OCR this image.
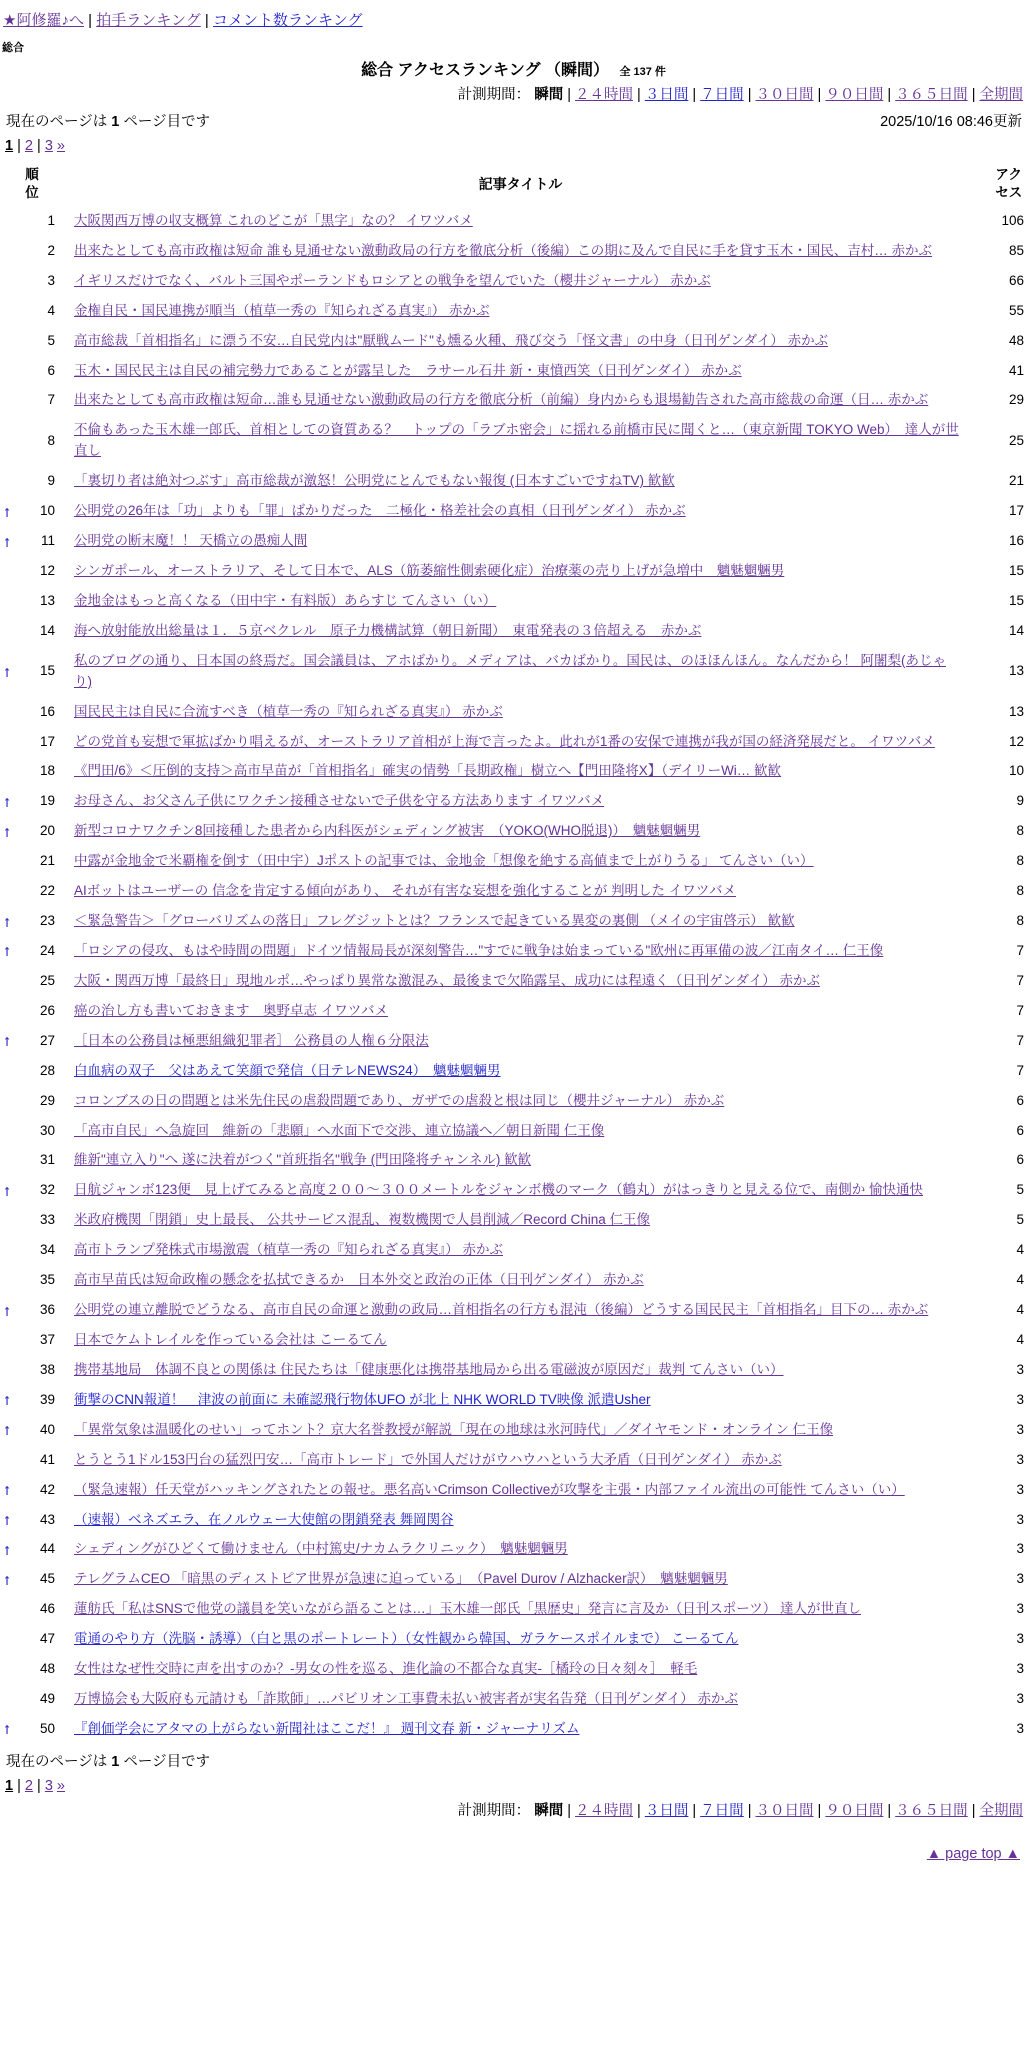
★阿修羅♪へ | 拍手ランキング | コメント数ランキング
総合
総合 アクセスランキング （瞬間） 全 137 件
計測期間： 瞬間 | ２４時間 | ３日間 | ７日間 | ３０日間 | ９０日間 | ３６５日間 | 全期間
現在のページは 1 ページ目です	2025/10/16 08:46更新
1 | 2 | 3 »
順位	記事タイトル	アクセス
1	大阪関西万博の収支概算 これのどこが「黒字」なの？ イワツバメ	106
2	出来たとしても高市政権は短命 誰も見通せない激動政局の行方を徹底分析（後編）この期に及んで自民に手を貸す玉木・国民、吉村… 赤かぶ	85
3	イギリスだけでなく、バルト三国やポーランドもロシアとの戦争を望んでいた（櫻井ジャーナル） 赤かぶ	66
4	金権自民・国民連携が順当（植草一秀の『知られざる真実』） 赤かぶ	55
5	高市総裁「首相指名」に漂う不安…自民党内は"厭戦ムード"も燻る火種、飛び交う「怪文書」の中身（日刊ゲンダイ） 赤かぶ	48
6	玉木・国民民主は自民の補完勢力であることが露呈した　ラサール石井 新・東憤西笑（日刊ゲンダイ） 赤かぶ	41
7	出来たとしても高市政権は短命…誰も見通せない激動政局の行方を徹底分析（前編）身内からも退場勧告された高市総裁の命運（日… 赤かぶ	29
8	不倫もあった玉木雄一郎氏、首相としての資質ある？　トップの「ラブホ密会」に揺れる前橋市民に聞くと…（東京新聞 TOKYO Web）　達人が世直し	25
9	「裏切り者は絶対つぶす」高市総裁が激怒！公明党にとんでもない報復 (日本すごいですねTV) 歓歓	21

↑ 10	公明党の26年は「功」よりも「罪」ばかりだった　二極化・格差社会の真相（日刊ゲンダイ） 赤かぶ	17

↑ 11	公明党の断末魔！！ 天橋立の愚痴人間	16
12	シンガポール、オーストラリア、そして日本で、ALS（筋萎縮性側索硬化症）治療薬の売り上げが急増中　魑魅魍魎男	15
13	金地金はもっと高くなる（田中宇・有料版）あらすじ てんさい（い）	15
14	海へ放射能放出総量は１．５京ベクレル　原子力機構試算（朝日新聞）　東電発表の３倍超える　赤かぶ	14

↑ 15	私のブログの通り、日本国の終焉だ。国会議員は、アホばかり。メディアは、バカばかり。国民は、のほほんほん。なんだから！ 阿闍梨(あじゃり)	13
16	国民民主は自民に合流すべき（植草一秀の『知られざる真実』） 赤かぶ	13
17	どの党首も妄想で軍拡ばかり唱えるが、オーストラリア首相が上海で言ったよ。此れが1番の安保で連携が我が国の経済発展だと。 イワツバメ	12
18	《門田/6》＜圧倒的支持＞高市早苗が「首相指名」確実の情勢「長期政権」樹立へ【門田隆将X】（デイリーWi… 歓歓	10

↑ 19	お母さん、お父さん子供にワクチン接種させないで子供を守る方法あります イワツバメ	9

↑ 20	新型コロナワクチン8回接種した患者から内科医がシェディング被害　（YOKO(WHO脱退)）　魑魅魍魎男	8
21	中露が金地金で米覇権を倒す（田中宇）Jポストの記事では、金地金「想像を絶する高値まで上がりうる」 てんさい（い）	8
22	AIボットはユーザーの 信念を肯定する傾向があり、 それが有害な妄想を強化することが 判明した イワツバメ	8

↑ 23	＜緊急警告＞「グローバリズムの落日」フレグジットとは？フランスで起きている異変の裏側 （メイの宇宙啓示） 歓歓	8

↑ 24	「ロシアの侵攻、もはや時間の問題」ドイツ情報局長が深刻警告…"すでに戦争は始まっている"欧州に再軍備の波／江南タイ… 仁王像	7
25	大阪・関西万博「最終日」現地ルポ…やっぱり異常な激混み、最後まで欠陥露呈、成功には程遠く（日刊ゲンダイ） 赤かぶ	7
26	癌の治し方も書いておきます　奥野卓志 イワツバメ	7

↑ 27	［日本の公務員は極悪組織犯罪者］ 公務員の人権６分限法	7
28	白血病の双子　父はあえて笑顔で発信（日テレNEWS24）　魑魅魍魎男	7
29	コロンブスの日の問題とは米先住民の虐殺問題であり、ガザでの虐殺と根は同じ（櫻井ジャーナル） 赤かぶ	6
30	「高市自民」へ急旋回　維新の「悲願」へ水面下で交渉、連立協議へ／朝日新聞 仁王像	6
31	維新"連立入り"へ 遂に決着がつく"首班指名"戦争 (門田隆将チャンネル) 歓歓	6

↑ 32	日航ジャンボ123便　見上げてみると高度２００～３００メートルをジャンボ機のマーク（鶴丸）がはっきりと見える位で、南側か 愉快通快	5
33	米政府機関「閉鎖」史上最長、 公共サービス混乱、複数機関で人員削減／Record China 仁王像	5
34	高市トランプ発株式市場激震（植草一秀の『知られざる真実』） 赤かぶ	4
35	高市早苗氏は短命政権の懸念を払拭できるか　日本外交と政治の正体（日刊ゲンダイ） 赤かぶ	4

↑ 36	公明党の連立離脱でどうなる、高市自民の命運と激動の政局…首相指名の行方も混沌（後編）どうする国民民主「首相指名」目下の… 赤かぶ	4
37	日本でケムトレイルを作っている会社は こーるてん	4
38	携帯基地局　体調不良との関係は 住民たちは「健康悪化は携帯基地局から出る電磁波が原因だ」裁判 てんさい（い）	3

↑ 39	衝撃のCNN報道！　津波の前面に 未確認飛行物体UFO が北上 NHK WORLD TV映像 派遣Usher	3

↑ 40	「異常気象は温暖化のせい」ってホント？京大名誉教授が解説「現在の地球は氷河時代」／ダイヤモンド・オンライン 仁王像	3
41	とうとう1ドル153円台の猛烈円安…「高市トレード」で外国人だけがウハウハという大矛盾（日刊ゲンダイ） 赤かぶ	3

↑ 42	（緊急速報）任天堂がハッキングされたとの報せ。悪名高いCrimson Collectiveが攻撃を主張・内部ファイル流出の可能性 てんさい（い）	3

↑ 43	（速報）ベネズエラ、在ノルウェー大使館の閉鎖発表 舞岡関谷	3

↑ 44	シェディングがひどくて働けません（中村篤史/ナカムラクリニック）　魑魅魍魎男	3

↑ 45	テレグラムCEO 「暗黒のディストピア世界が急速に迫っている」　（Pavel Durov / Alzhacker訳）　魑魅魍魎男	3
46	蓮舫氏「私はSNSで他党の議員を笑いながら語ることは…」玉木雄一郎氏「黒歴史」発言に言及か（日刊スポーツ） 達人が世直し	3
47	電通のやり方（洗脳・誘導）（白と黒のポートレート）（女性観から韓国、ガラケースポイルまで） こーるてん	3
48	女性はなぜ性交時に声を出すのか？-男女の性を巡る、進化論の不都合な真実-［橘玲の日々刻々］　軽毛	3
49	万博協会も大阪府も元請けも「詐欺師」…パビリオン工事費未払い被害者が実名告発（日刊ゲンダイ） 赤かぶ	3

↑ 50	『創価学会にアタマの上がらない新聞社はここだ！』 週刊文春 新・ジャーナリズム	3
現在のページは 1 ページ目です
1 | 2 | 3 »
計測期間： 瞬間 | ２４時間 | ３日間 | ７日間 | ３０日間 | ９０日間 | ３６５日間 | 全期間
▲ page top ▲
